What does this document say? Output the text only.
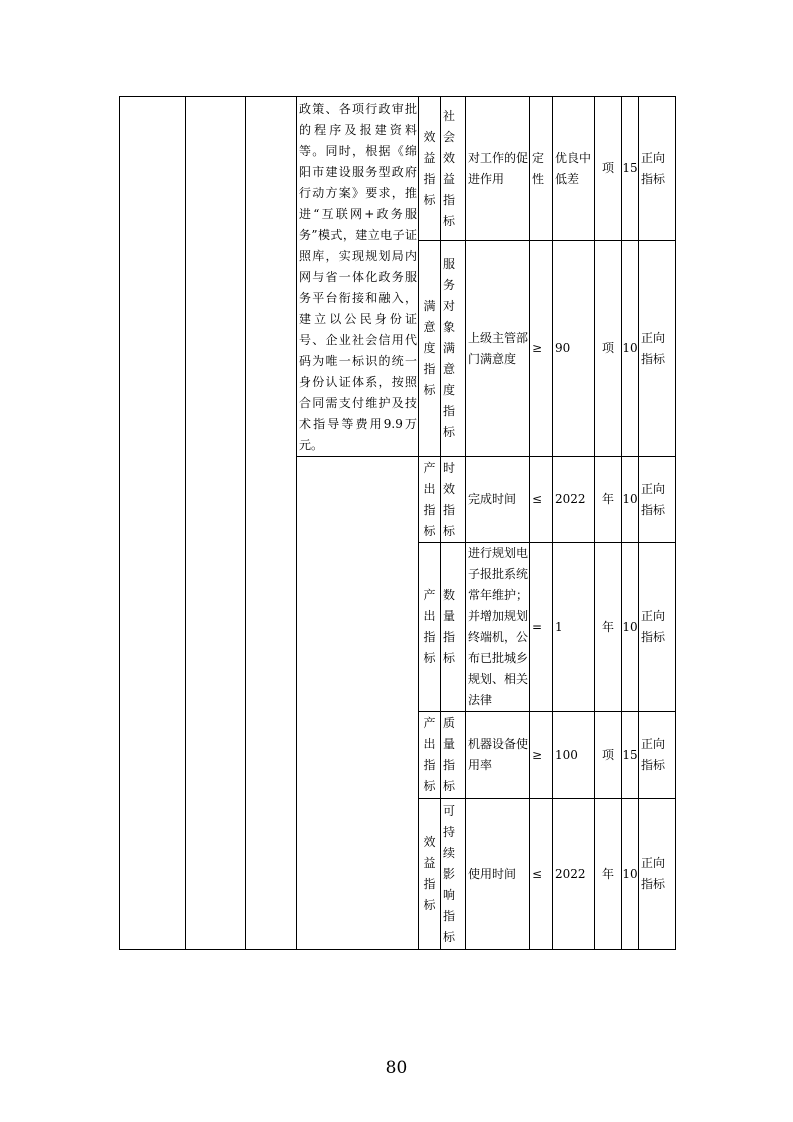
			政策、各项行政审批的程序及报建资料等。同时，根据《绵阳市建设服务型政府行动方案》要求，推进“互联网+政务服务”模式，建立电子证照库，实现规划局内网与省一体化政务服务平台衔接和融入，建立以公民身份证号、企业社会信用代码为唯一标识的统一身份认证体系，按照合同需支付维护及技术指导等费用9.9万元。	效益指标	社会效益指标	对工作的促进作用	定性	优良中低差	项	15	正向指标

				满意度指标	服务对象满意度指标	上级主管部门满意度	≥	90	项	10	正向指标

				产出指标	时效指标	完成时间	≤	2022	年	10	正向指标

				产出指标	数量指标	进行规划电子报批系统常年维护；并增加规划终端机，公布已批城乡规划、相关法律	=	1	年	10	正向指标

				产出指标	质量指标	机器设备使用率	≥	100	项	15	正向指标

				效益指标	可持续影响指标	使用时间	≤	2022	年	10	正向指标
80
